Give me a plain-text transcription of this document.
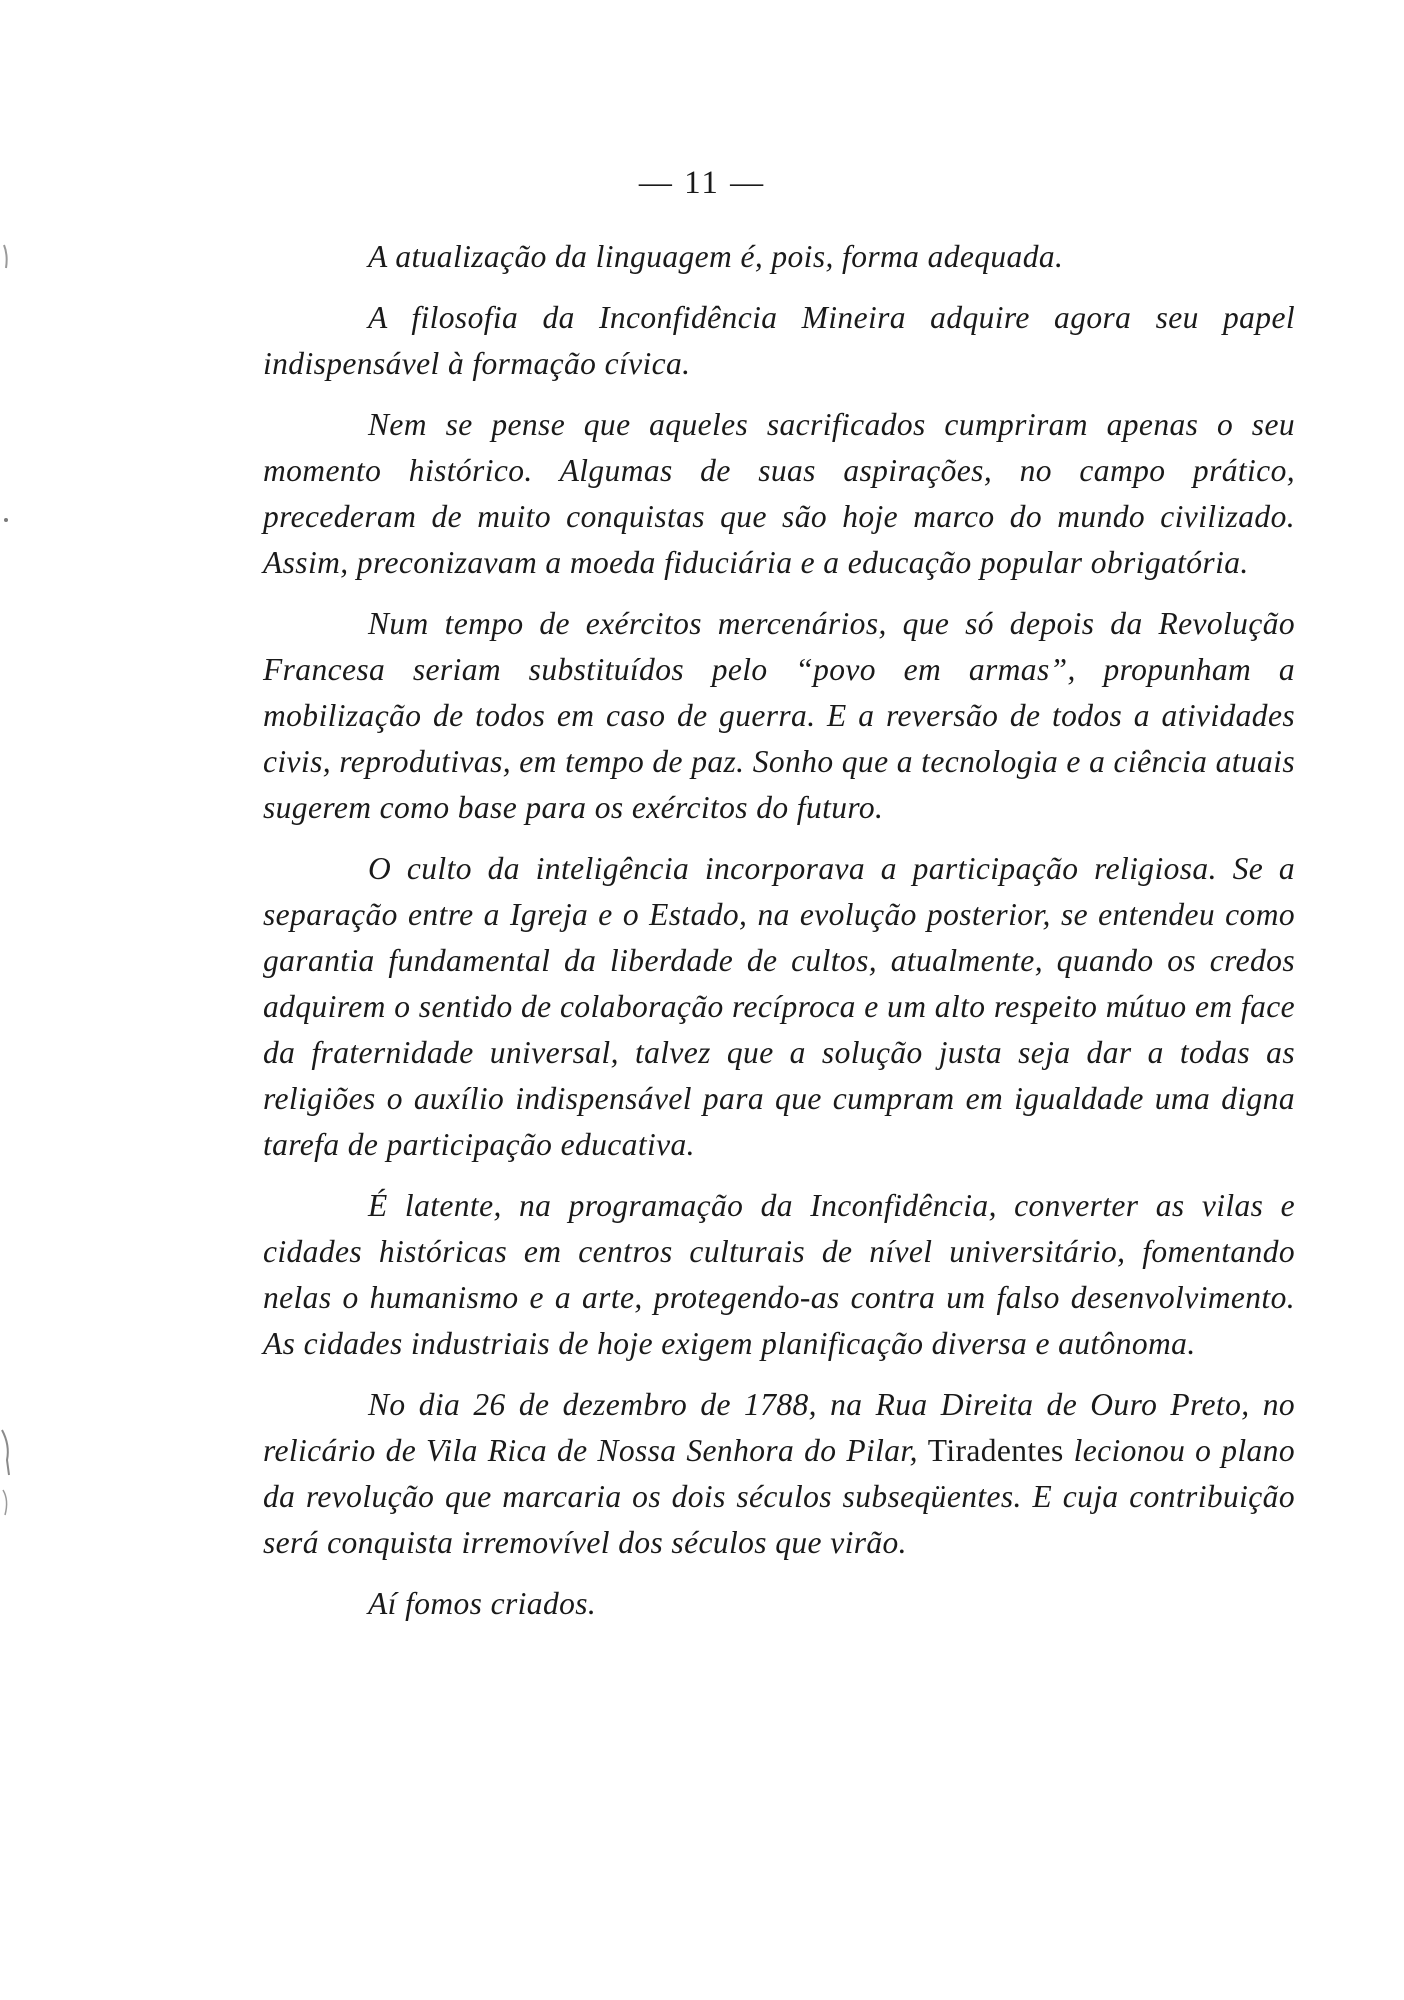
— 11 —

A atualização da linguagem é, pois, forma adequada.

A filosofia da Inconfidência Mineira adquire agora seu papel indispensável à formação cívica.

Nem se pense que aqueles sacrificados cumpriram apenas o seu momento histórico. Algumas de suas aspirações, no campo prático, precederam de muito conquistas que são hoje marco do mundo civilizado. Assim, preconizavam a moeda fiduciária e a educação popular obrigatória.

Num tempo de exércitos mercenários, que só depois da Revolução Francesa seriam substituídos pelo “povo em armas”, propunham a mobilização de todos em caso de guerra. E a reversão de todos a atividades civis, reprodutivas, em tempo de paz. Sonho que a tecnologia e a ciência atuais sugerem como base para os exércitos do futuro.

O culto da inteligência incorporava a participação religiosa. Se a separação entre a Igreja e o Estado, na evolução posterior, se entendeu como garantia fundamental da liberdade de cultos, atualmente, quando os credos adquirem o sentido de colaboração recíproca e um alto respeito mútuo em face da fraternidade universal, talvez que a solução justa seja dar a todas as religiões o auxílio indispensável para que cumpram em igualdade uma digna tarefa de participação educativa.

É latente, na programação da Inconfidência, converter as vilas e cidades históricas em centros culturais de nível universitário, fomentando nelas o humanismo e a arte, protegendo-as contra um falso desenvolvimento. As cidades industriais de hoje exigem planificação diversa e autônoma.

No dia 26 de dezembro de 1788, na Rua Direita de Ouro Preto, no relicário de Vila Rica de Nossa Senhora do Pilar, Tiradentes lecionou o plano da revolução que marcaria os dois séculos subseqüentes. E cuja contribuição será conquista irremovível dos séculos que virão.

Aí fomos criados.
